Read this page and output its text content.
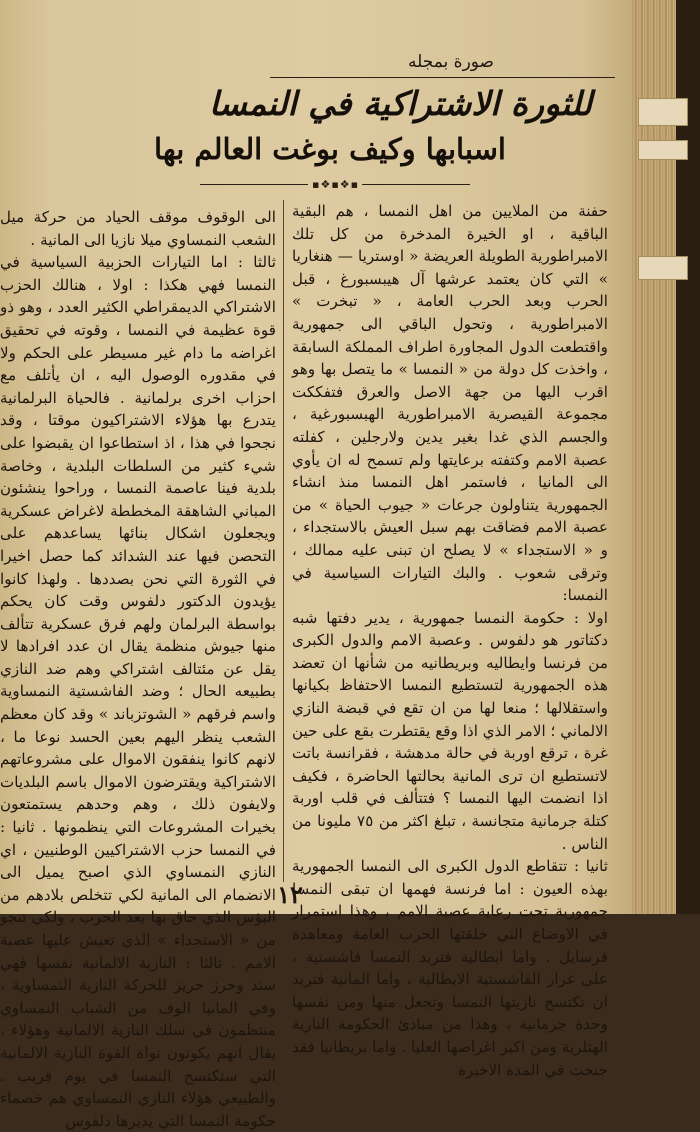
صورة بمجله
للثورة الاشتراكية في النمسا
اسبابها وكيف بوغت العالم بها
▪❖▪❖▪

حفنة من الملايين من اهل النمسا ، هم البقية الباقية ، او الخيرة المدخرة من كل تلك الامبراطورية الطويلة العريضة « اوستريا — هنغاريا » التي كان يعتمد عرشها آل هيبسبورغ ، قبل الحرب وبعد الحرب العامة ، « تبخرت » الامبراطورية ، وتحول الباقي الى جمهورية واقتطعت الدول المجاورة اطراف المملكة السابقة ، واخذت كل دولة من « النمسا » ما يتصل بها وهو اقرب اليها من جهة الاصل والعرق فتفككت مجموعة القيصرية الامبراطورية الهبسبورغية ، والجسم الذي غدا بغير يدين ولارجلين ، كفلته عصبة الامم وكتفته برعايتها ولم تسمح له ان يأوي الى المانيا ، فاستمر اهل النمسا منذ انشاء الجمهورية يتناولون جرعات « جيوب الحياة » من عصبة الامم فضاقت بهم سبل العيش بالاستجداء ، و « الاستجداء » لا يصلح ان تبنى عليه ممالك ، وترقى شعوب . والبك التيارات السياسية في النمسا:

اولا : حكومة النمسا جمهورية ، يدير دفتها شبه دكتاتور هو دلفوس . وعصبة الامم والدول الكبرى من فرنسا وايطاليه وبريطانيه من شأنها ان تعضد هذه الجمهورية لتستطيع النمسا الاحتفاظ بكيانها واستقلالها ؛ منعا لها من ان تقع في قبضة النازي الالماني ؛ الامر الذي اذا وقع يقتطرت بقع على حين غرة ، ترقع اوربة في حالة مدهشة ، فقرانسة باتت لاتستطيع ان ترى المانية بحالتها الحاضرة ، فكيف اذا انضمت اليها النمسا ؟ فتتألف في قلب اوربة كتلة جرمانية متجانسة ، تبلغ اكثر من ٧٥ مليونا من الناس .

ثانيا : تتقاطع الدول الكبرى الى النمسا الجمهورية بهذه العيون : اما فرنسة فهمها ان تبقى النمسا جمهورية تحت رعاية عصبة الامم ، وهذا استمرار في الاوضاع التي خلقتها الحرب العامة ومعاهدة فرسايل . واما ايطالية فتريد النمسا فاشستية ، على غرار الفاشستية الايطالية ، واما المانية فتريد ان تكتسح نازيتها النمسا وتجعل منها ومن نفسها وحدة جرمانية ، وهذا من مبادئ الحكومة النازية الهتلرية ومن اكبر اغراضها العليا . واما بريطانيا فقد جنحت في المدة الاخيرة

الى الوقوف موقف الحياد من حركة ميل الشعب النمساوي ميلا نازيا الى المانية .

ثالثا : اما التيارات الحزبية السياسية في النمسا فهي هكذا : اولا ، هنالك الحزب الاشتراكي الديمقراطي الكثير العدد ، وهو ذو قوة عظيمة في النمسا ، وقوته في تحقيق اغراضه ما دام غير مسيطر على الحكم ولا في مقدوره الوصول اليه ، ان يأتلف مع احزاب اخرى برلمانية . فالحياة البرلمانية يتدرع بها هؤلاء الاشتراكيون موقتا ، وقد نجحوا في هذا ، اذ استطاعوا ان يقبضوا على شيء كثير من السلطات البلدية ، وخاصة بلدية فينا عاصمة النمسا ، وراحوا ينشئون المباني الشاهقة المخططة لاغراض عسكرية ويجعلون اشكال بنائها يساعدهم على التحصن فيها عند الشدائد كما حصل اخيرا في الثورة التي نحن بصددها . ولهذا كانوا يؤيدون الدكتور دلفوس وقت كان يحكم بواسطة البرلمان ولهم فرق عسكرية تتألف منها جيوش منظمة يقال ان عدد افرادها لا يقل عن مئتالف اشتراكي وهم ضد النازي بطبيعه الحال ؛ وضد الفاشستية النمساوية واسم فرقهم « الشوتزباند » وقد كان معظم الشعب ينظر اليهم بعين الحسد نوعا ما ، لانهم كانوا ينفقون الاموال على مشروعاتهم الاشتراكية ويقترضون الاموال باسم البلديات ولايفون ذلك ، وهم وحدهم يستمتعون بخيرات المشروعات التي ينظمونها . ثانيا : في النمسا حزب الاشتراكيين الوطنيين ، اي النازي النمساوي الذي اصبح يميل الى الانضمام الى المانية لكي تتخلص بلادهم من البؤس الذي حاق بها بعد الحرب ، ولكي تنجو من « الاستجداء » الذي تعيش عليها عصبة الامم . ثالثا : النازية الالمانية نفسها فهي سند وحرز حريز للحركة النازية النمساوية ، وفي المانيا الوف من الشباب النمساوي منتظمون في سلك النازية الالمانية وهؤلاء ، يقال انهم يكونون نواة القوة النازية الالمانية التي ستكتسح النمسا في يوم قريب . والطبيعي هؤلاء النازي النمساوي هم خصماء حكومة النمسا التي يديرها دلفوس

١٢
